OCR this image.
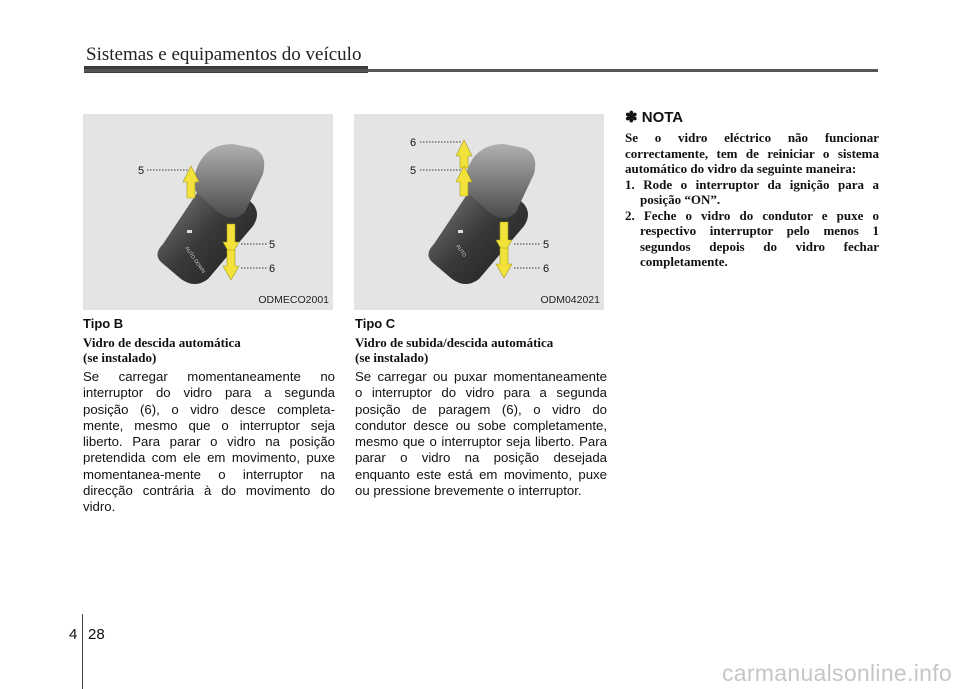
Sistemas e equipamentos do veículo
AUTO DOWN
5
5
6
ODMECO2001
AUTO
6
5
5
6
ODM042021

Tipo B

Vidro de descida automática

(se instalado)

Se carregar momentaneamente no interruptor do vidro para a segunda posição (6), o vidro desce completa-mente, mesmo que o interruptor seja liberto. Para parar o vidro na posição pretendida com ele em movimento, puxe momentanea-mente o interruptor na direcção contrária à do movimento do vidro.

Tipo C

Vidro de subida/descida automática

(se instalado)

Se carregar ou puxar momentaneamente o interruptor do vidro para a segunda posição de paragem (6), o vidro do condutor desce ou sobe completamente, mesmo que o interruptor seja liberto. Para parar o vidro na posição desejada enquanto este está em movimento, puxe ou pressione brevemente o interruptor.

✽ NOTA

Se o vidro eléctrico não funcionar correctamente, tem de reiniciar o sistema automático do vidro da seguinte maneira:

1. Rode o interruptor da ignição para a posição “ON”.

2. Feche o vidro do condutor e puxe o respectivo interruptor pelo menos 1 segundos depois do vidro fechar completamente.

4 28
carmanualsonline.info
